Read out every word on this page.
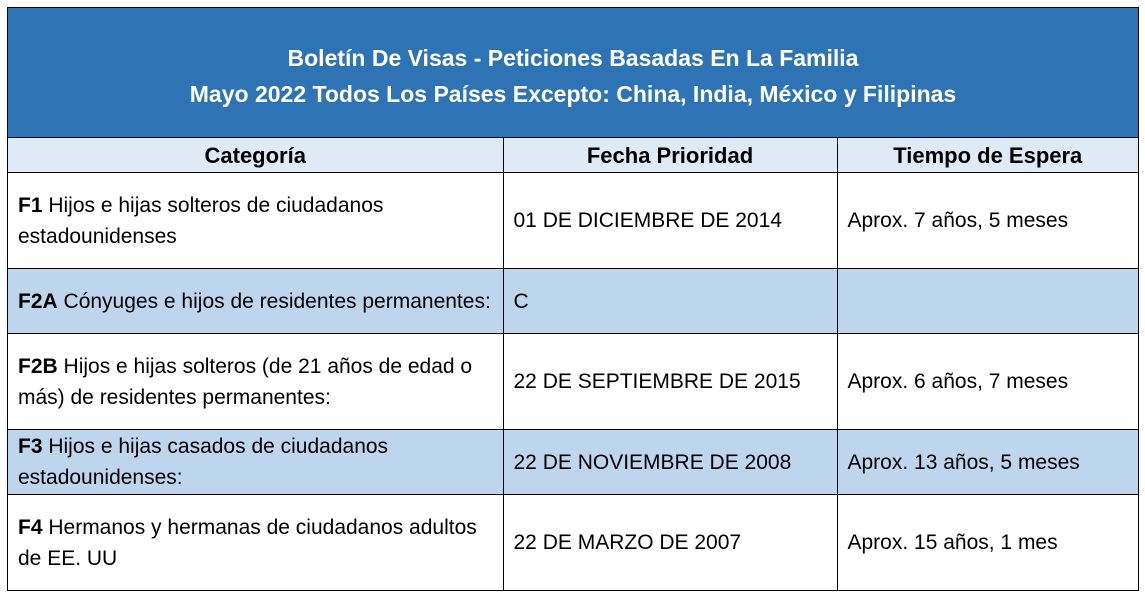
Boletín De Visas - Peticiones Basadas En La Familia
Mayo 2022 Todos Los Países Excepto: China, India, México y Filipinas
Categoría	Fecha Prioridad	Tiempo de Espera
F1 Hijos e hijas solteros de ciudadanos estadounidenses	01 DE DICIEMBRE DE 2014	Aprox. 7 años, 5 meses
F2A Cónyuges e hijos de residentes permanentes:	C	
F2B Hijos e hijas solteros (de 21 años de edad o más) de residentes permanentes:	22 DE SEPTIEMBRE DE 2015	Aprox. 6 años, 7 meses
F3 Hijos e hijas casados de ciudadanos estadounidenses:	22 DE NOVIEMBRE DE 2008	Aprox. 13 años, 5 meses
F4 Hermanos y hermanas de ciudadanos adultos de EE. UU	22 DE MARZO DE 2007	Aprox. 15 años, 1 mes
